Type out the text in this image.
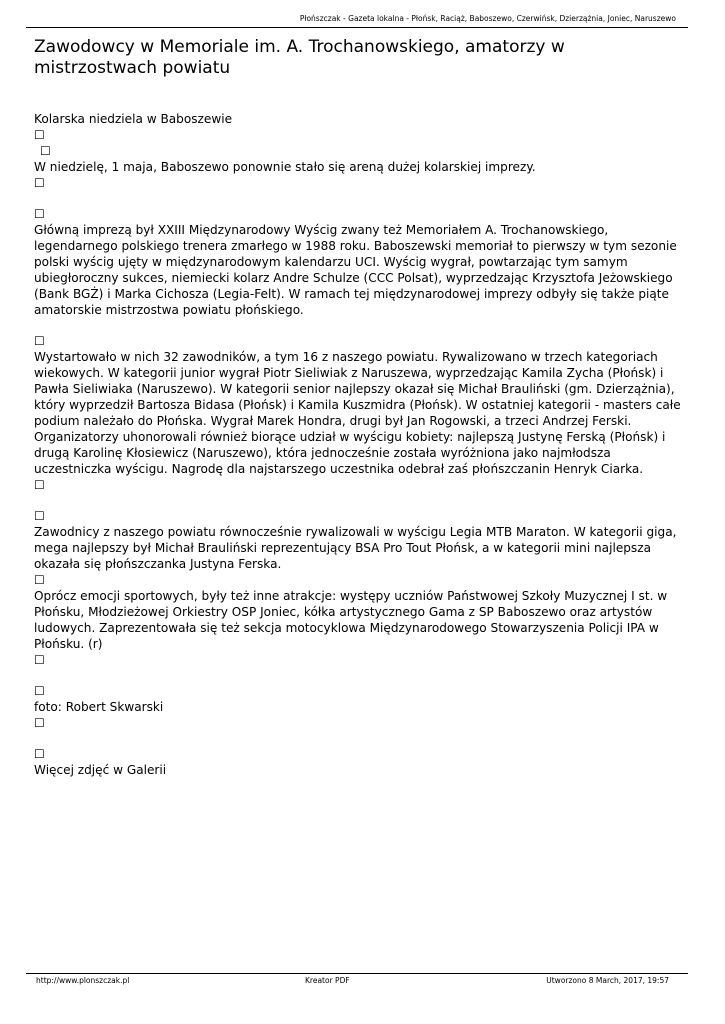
Płońszczak - Gazeta lokalna - Płońsk, Raciąż, Baboszewo, Czerwińsk, Dzierzążnia, Joniec, Naruszewo
Zawodowcy w Memoriale im. A. Trochanowskiego, amatorzy w mistrzostwach powiatu

Kolarska niedziela w Baboszewie

☐
☐

W niedzielę, 1 maja, Baboszewo ponownie stało się areną dużej kolarskiej imprezy.

☐
☐

Główną imprezą był XXIII Międzynarodowy Wyścig zwany też Memoriałem A. Trochanowskiego, legendarnego polskiego trenera zmarłego w 1988 roku. Baboszewski memoriał to pierwszy w tym sezonie polski wyścig ujęty w międzynarodowym kalendarzu UCI. Wyścig wygrał, powtarzając tym samym ubiegłoroczny sukces, niemiecki kolarz Andre Schulze (CCC Polsat), wyprzedzając Krzysztofa Jeżowskiego (Bank BGŻ) i Marka Cichosza (Legia-Felt). W ramach tej międzynarodowej imprezy odbyły się także piąte amatorskie mistrzostwa powiatu płońskiego.

☐

Wystartowało w nich 32 zawodników, a tym 16 z naszego powiatu. Rywalizowano w trzech kategoriach wiekowych. W kategorii junior wygrał Piotr Sieliwiak z Naruszewa, wyprzedzając Kamila Zycha (Płońsk) i Pawła Sieliwiaka (Naruszewo). W kategorii senior najlepszy okazał się Michał Brauliński (gm. Dzierzążnia), który wyprzedził Bartosza Bidasa (Płońsk) i Kamila Kuszmidra (Płońsk). W ostatniej kategorii - masters całe podium należało do Płońska. Wygrał Marek Hondra, drugi był Jan Rogowski, a trzeci Andrzej Ferski. Organizatorzy uhonorowali również biorące udział w wyścigu kobiety: najlepszą Justynę Ferską (Płońsk) i drugą Karolinę Kłosiewicz (Naruszewo), która jednocześnie została wyróżniona jako najmłodsza uczestniczka wyścigu. Nagrodę dla najstarszego uczestnika odebrał zaś płońszczanin Henryk Ciarka.

☐
☐

Zawodnicy z naszego powiatu równocześnie rywalizowali w wyścigu Legia MTB Maraton. W kategorii giga, mega najlepszy był Michał Brauliński reprezentujący BSA Pro Tout Płońsk, a w kategorii mini najlepsza okazała się płońszczanka Justyna Ferska.

☐

Oprócz emocji sportowych, były też inne atrakcje: występy uczniów Państwowej Szkoły Muzycznej I st. w Płońsku, Młodzieżowej Orkiestry OSP Joniec, kółka artystycznego Gama z SP Baboszewo oraz artystów ludowych. Zaprezentowała się też sekcja motocyklowa Międzynarodowego Stowarzyszenia Policji IPA w Płońsku. (r)

☐
☐

foto: Robert Skwarski

☐
☐

Więcej zdjęć w Galerii

http://www.plonszczak.pl	Kreator PDF	Utworzono 8 March, 2017, 19:57
